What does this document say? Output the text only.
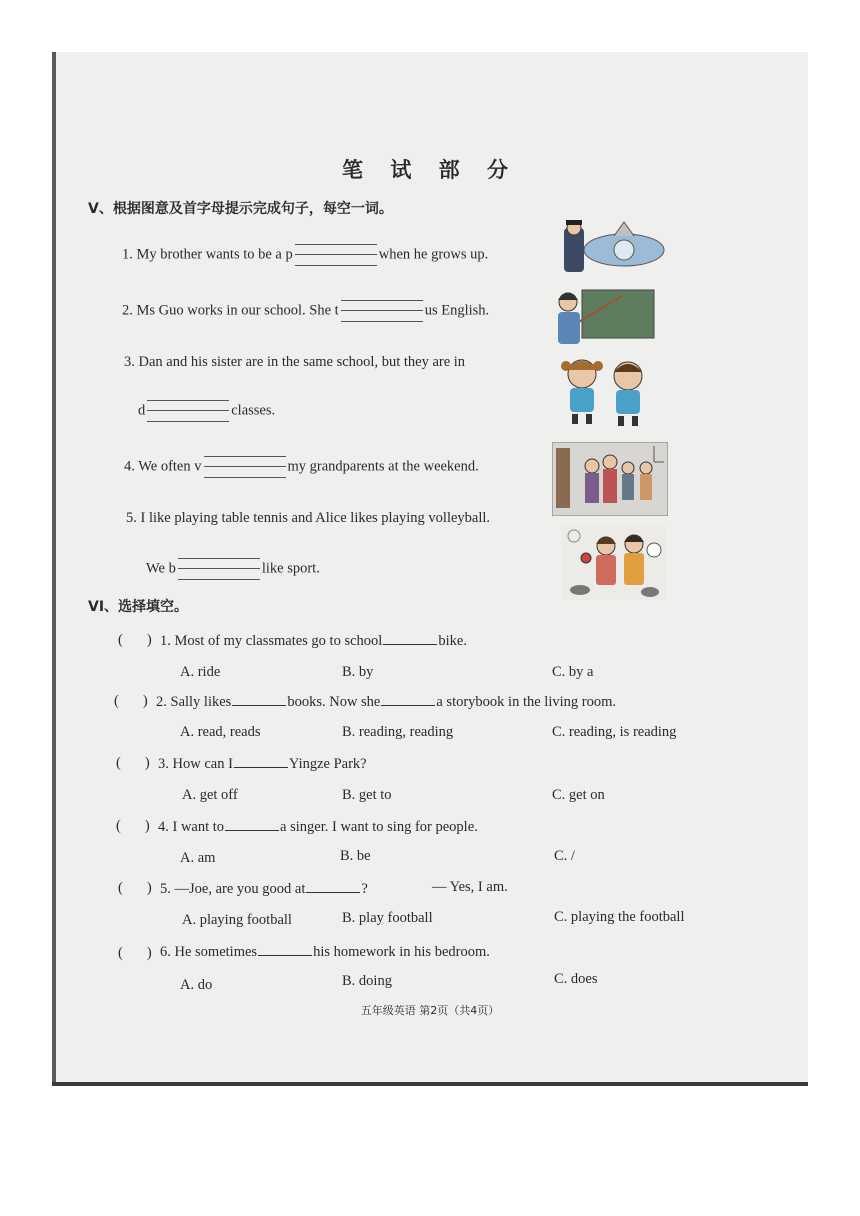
笔 试 部 分
V、根据图意及首字母提示完成句子，每空一词。
1. My brother wants to be a p	when he grows up.
2. Ms Guo works in our school. She t	us English.
3. Dan and his sister are in the same school, but they are in
d	classes.
4. We often v	my grandparents at the weekend.
5. I like playing table tennis and Alice likes playing volleyball.
We b	like sport.
VI、选择填空。
( ) 1. Most of my classmates go to school	bike.
A. ride	B. by	C. by a
( ) 2. Sally likes	books. Now she	a storybook in the living room.
A. read, reads	B. reading, reading	C. reading, is reading
( ) 3. How can I	Yingze Park?
A. get off	B. get to	C. get on
( ) 4. I want to	a singer. I want to sing for people.
A. am	B. be	C. /
( ) 5. —Joe, are you good at	?	— Yes, I am.
A. playing football	B. play football	C. playing the football
( ) 6. He sometimes	his homework in his bedroom.
A. do	B. doing	C. does
五年级英语 第2页（共4页）
